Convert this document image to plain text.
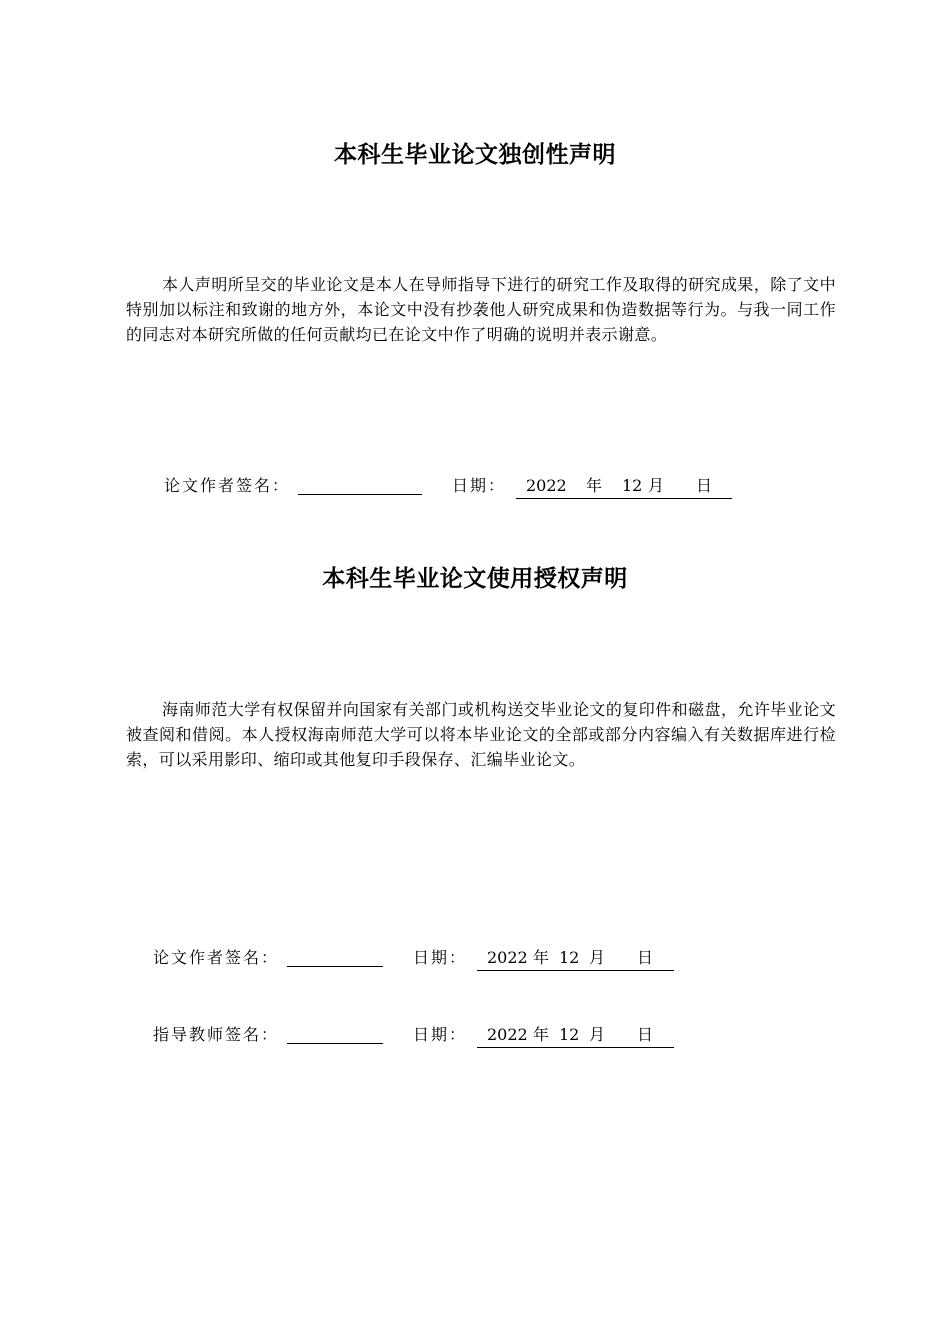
本科生毕业论文独创性声明
本人声明所呈交的毕业论文是本人在导师指导下进行的研究工作及取得的研究成果，除了文中特别加以标注和致谢的地方外，本论文中没有抄袭他人研究成果和伪造数据等行为。与我一同工作的同志对本研究所做的任何贡献均已在论文中作了明确的说明并表示谢意。
论文作者签名：	日期： 2022 年 12 月 日
本科生毕业论文使用授权声明
海南师范大学有权保留并向国家有关部门或机构送交毕业论文的复印件和磁盘，允许毕业论文被查阅和借阅。本人授权海南师范大学可以将本毕业论文的全部或部分内容编入有关数据库进行检索，可以采用影印、缩印或其他复印手段保存、汇编毕业论文。
论文作者签名：	日期： 2022 年 12 月 日
指导教师签名：	日期： 2022 年 12 月 日
